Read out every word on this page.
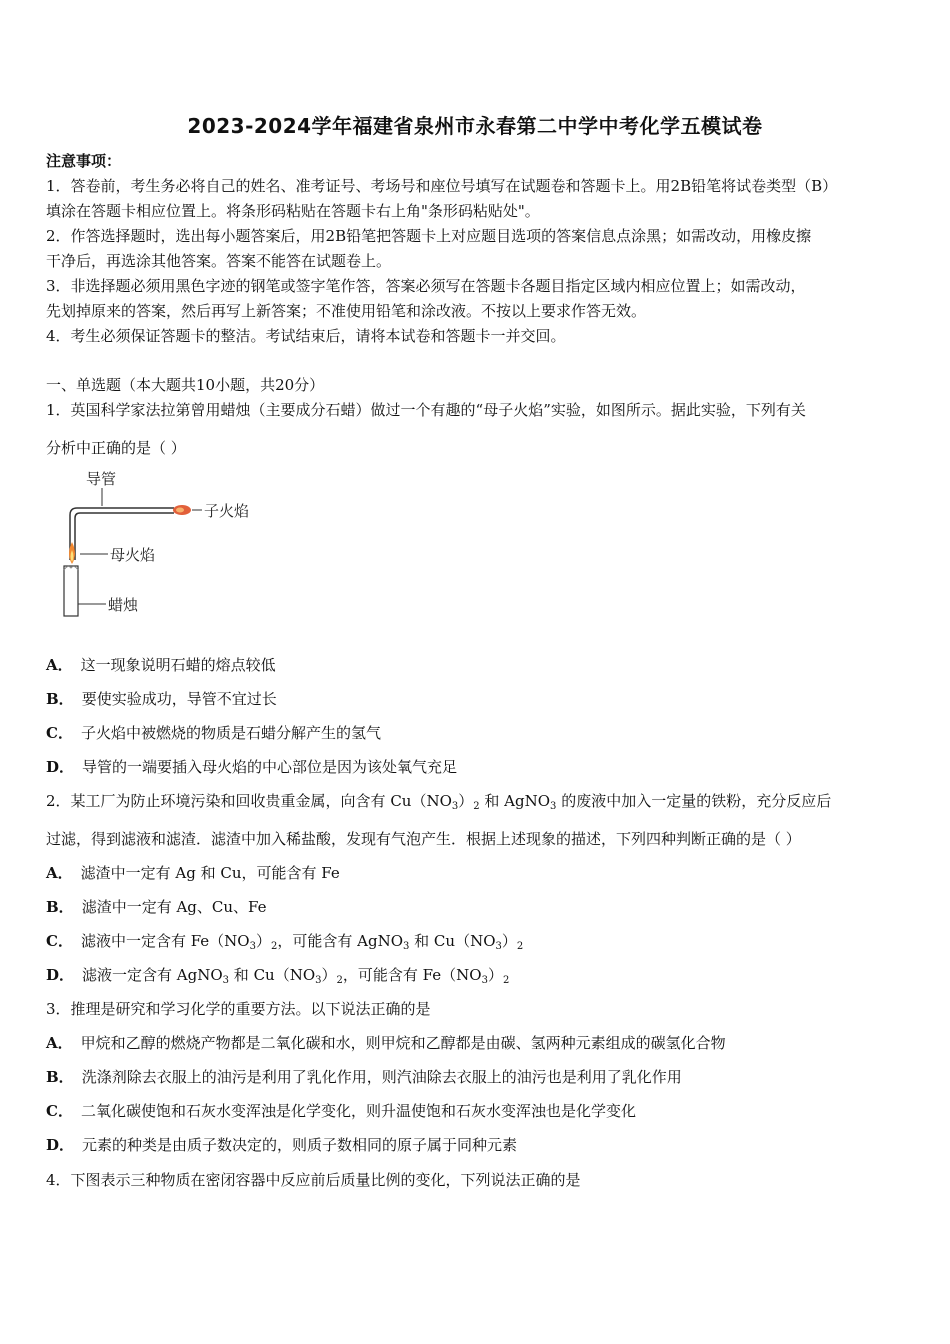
2023-2024学年福建省泉州市永春第二中学中考化学五模试卷
注意事项：
1．答卷前，考生务必将自己的姓名、准考证号、考场号和座位号填写在试题卷和答题卡上。用2B铅笔将试卷类型（B）
填涂在答题卡相应位置上。将条形码粘贴在答题卡右上角"条形码粘贴处"。
2．作答选择题时，选出每小题答案后，用2B铅笔把答题卡上对应题目选项的答案信息点涂黑；如需改动，用橡皮擦
干净后，再选涂其他答案。答案不能答在试题卷上。
3．非选择题必须用黑色字迹的钢笔或签字笔作答，答案必须写在答题卡各题目指定区域内相应位置上；如需改动，
先划掉原来的答案，然后再写上新答案；不准使用铅笔和涂改液。不按以上要求作答无效。
4．考生必须保证答题卡的整洁。考试结束后，请将本试卷和答题卡一并交回。
一、单选题（本大题共10小题，共20分）
1．英国科学家法拉第曾用蜡烛（主要成分石蜡）做过一个有趣的“母子火焰”实验，如图所示。据此实验，下列有关
分析中正确的是（ ）
导管
子火焰
母火焰
蜡烛
A． 这一现象说明石蜡的熔点较低
B． 要使实验成功，导管不宜过长
C． 子火焰中被燃烧的物质是石蜡分解产生的氢气
D． 导管的一端要插入母火焰的中心部位是因为该处氧气充足
2．某工厂为防止环境污染和回收贵重金属，向含有 $Cu(NO_3)_2$ 和 AgNO$_3$ 的废液中加入一定量的铁粉，充分反应后
过滤，得到滤液和滤渣．滤渣中加入稀盐酸，发现有气泡产生．根据上述现象的描述，下列四种判断正确的是（ ）
A． 滤渣中一定有 Ag 和 Cu，可能含有 Fe
B． 滤渣中一定有 Ag、Cu、Fe
C． 滤液中一定含有 $Fe(NO_3)_2$，可能含有 AgNO$_3$ 和 $Cu(NO_3)_2$
D． 滤液一定含有 AgNO$_3$ 和 $Cu(NO_3)_2$，可能含有 $Fe(NO_3)_2$
3．推理是研究和学习化学的重要方法。以下说法正确的是
A． 甲烷和乙醇的燃烧产物都是二氧化碳和水，则甲烷和乙醇都是由碳、氢两种元素组成的碳氢化合物
B． 洗涤剂除去衣服上的油污是利用了乳化作用，则汽油除去衣服上的油污也是利用了乳化作用
C． 二氧化碳使饱和石灰水变浑浊是化学变化，则升温使饱和石灰水变浑浊也是化学变化
D． 元素的种类是由质子数决定的，则质子数相同的原子属于同种元素
4．下图表示三种物质在密闭容器中反应前后质量比例的变化，下列说法正确的是
